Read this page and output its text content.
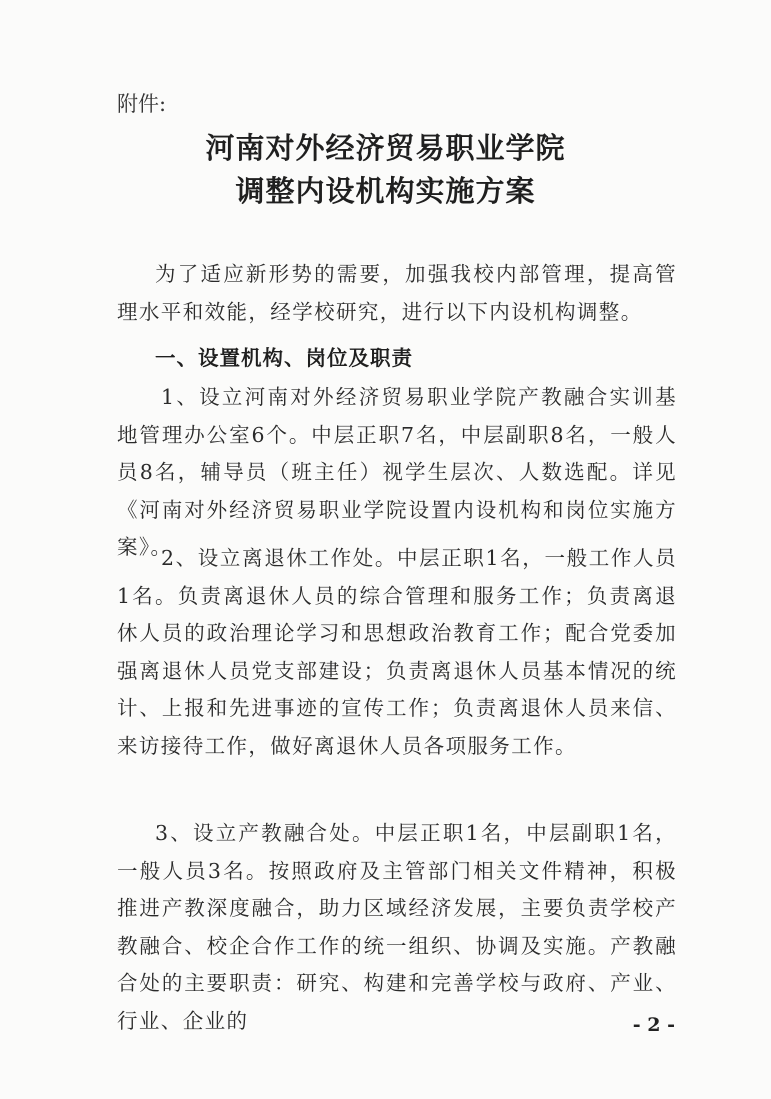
附件:
河南对外经济贸易职业学院
调整内设机构实施方案
为了适应新形势的需要，加强我校内部管理，提高管理水平和效能，经学校研究，进行以下内设机构调整。
一、设置机构、岗位及职责
1、设立河南对外经济贸易职业学院产教融合实训基地管理办公室6个。中层正职7名，中层副职8名，一般人员8名，辅导员（班主任）视学生层次、人数选配。详见《河南对外经济贸易职业学院设置内设机构和岗位实施方案》。
2、设立离退休工作处。中层正职1名，一般工作人员1名。负责离退休人员的综合管理和服务工作；负责离退休人员的政治理论学习和思想政治教育工作；配合党委加强离退休人员党支部建设；负责离退休人员基本情况的统计、上报和先进事迹的宣传工作；负责离退休人员来信、来访接待工作，做好离退休人员各项服务工作。
3、设立产教融合处。中层正职1名，中层副职1名，一般人员3名。按照政府及主管部门相关文件精神，积极推进产教深度融合，助力区域经济发展，主要负责学校产教融合、校企合作工作的统一组织、协调及实施。产教融合处的主要职责：研究、构建和完善学校与政府、产业、行业、企业的	- 2 -
